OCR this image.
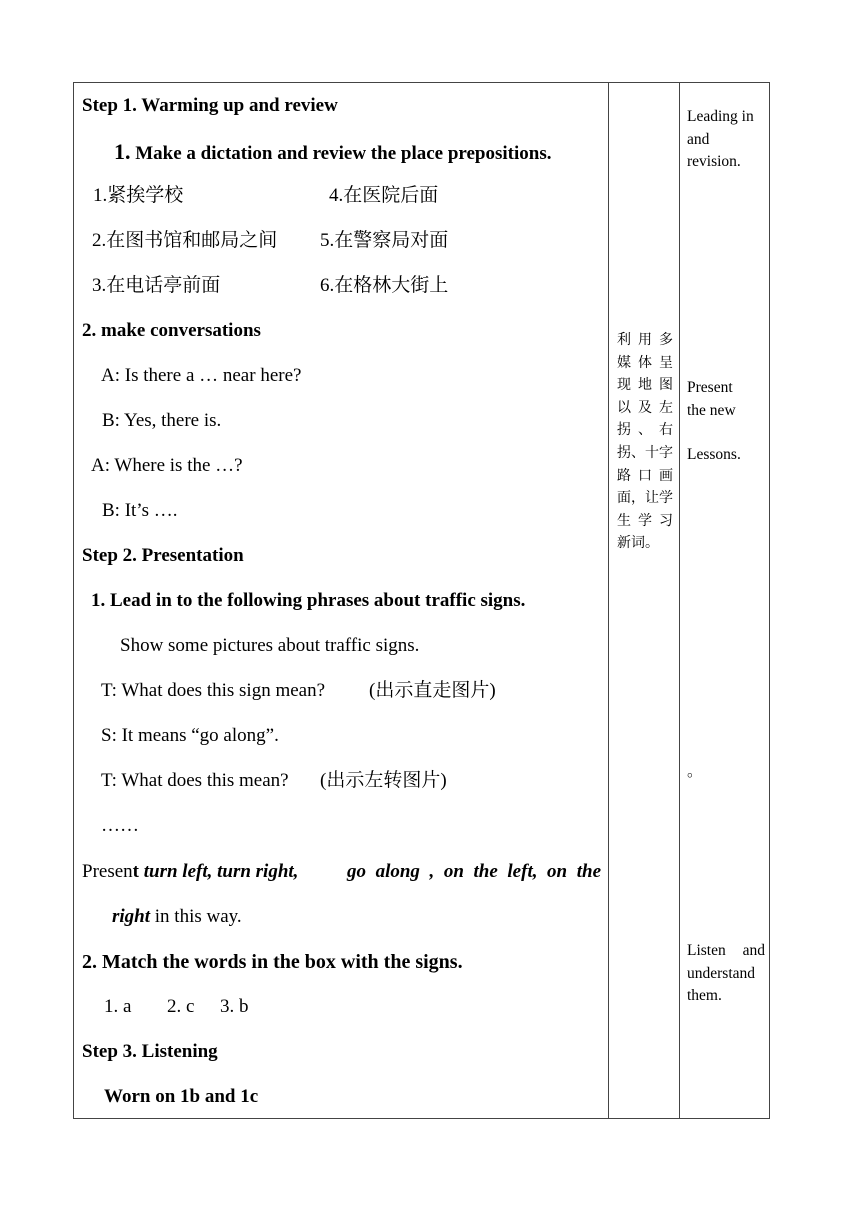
Step 1. Warming up and review
1. Make a dictation and review the place prepositions.
1.紧挨学校	4.在医院后面
2.在图书馆和邮局之间 5.在警察局对面
3.在电话亭前面	6.在格林大街上
2. make conversations
A: Is there a … near here?
B: Yes, there is.
A: Where is the …?
B: It’s ….
Step 2. Presentation
1. Lead in to the following phrases about traffic signs.
Show some pictures about traffic signs.
T: What does this sign mean? (出示直走图片)
S: It means “go along”.
T: What does this mean? (出示左转图片)
……
Present turn left, turn right,	go along , on the left, on the
right in this way.
2. Match the words in the box with the signs.
1. a 2. c 3. b
Step 3. Listening
Worn on 1b and 1c
利用多
媒体呈
现地图
以及左
拐、右
拐、十字
路口画
面，让学
生学习
新词。
Leading in
and
revision.
Present
the new
Lessons.
。
Listen and
understand
them.
